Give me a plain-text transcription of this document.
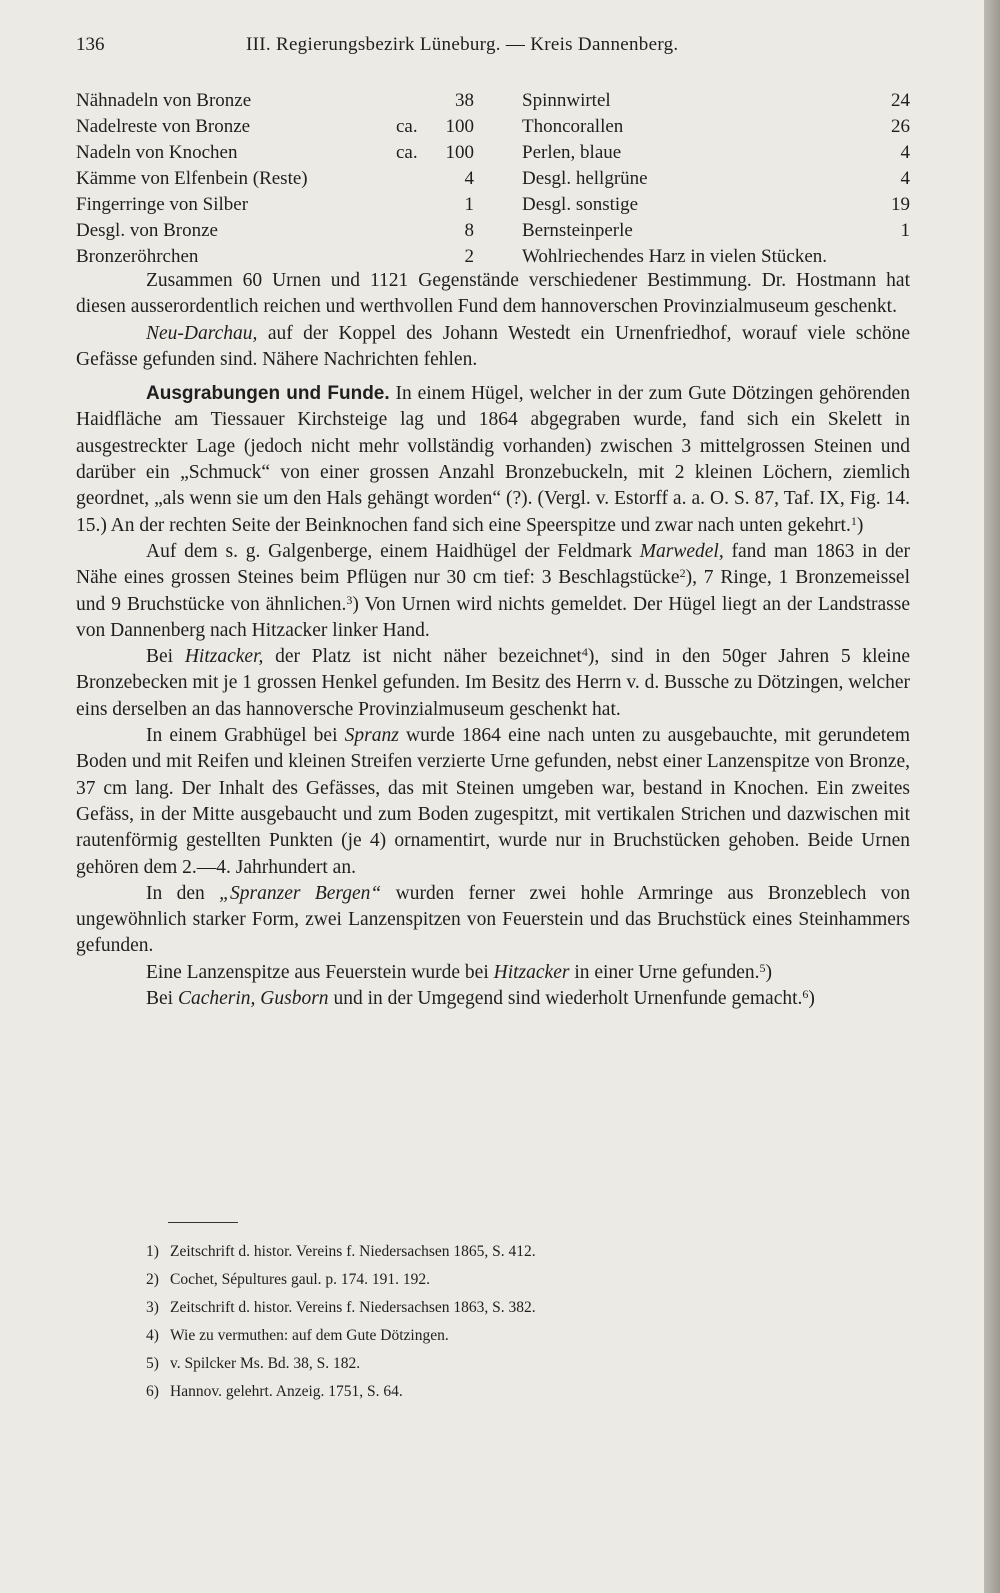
136	III. Regierungsbezirk Lüneburg. — Kreis Dannenberg.
Nähnadeln von Bronze	38
Nadelreste von Bronze	ca. 100
Nadeln von Knochen	ca. 100
Kämme von Elfenbein (Reste)	4
Fingerringe von Silber	1
Desgl. von Bronze	8
Bronzeröhrchen	2
Spinnwirtel	24
Thoncorallen	26
Perlen, blaue	4
Desgl. hellgrüne	4
Desgl. sonstige	19
Bernsteinperle	1
Wohlriechendes Harz in vielen Stücken.

Zusammen 60 Urnen und 1121 Gegenstände verschiedener Bestimmung. Dr. Hostmann hat diesen ausserordentlich reichen und werthvollen Fund dem hannoverschen Provinzialmuseum geschenkt.

Neu-Darchau, auf der Koppel des Johann Westedt ein Urnenfriedhof, worauf viele schöne Gefässe gefunden sind. Nähere Nachrichten fehlen.

Ausgrabungen und Funde. In einem Hügel, welcher in der zum Gute Dötzingen gehörenden Haidfläche am Tiessauer Kirchsteige lag und 1864 abgegraben wurde, fand sich ein Skelett in ausgestreckter Lage (jedoch nicht mehr vollständig vorhanden) zwischen 3 mittelgrossen Steinen und darüber ein „Schmuck“ von einer grossen Anzahl Bronzebuckeln, mit 2 kleinen Löchern, ziemlich geordnet, „als wenn sie um den Hals gehängt worden“ (?). (Vergl. v. Estorff a. a. O. S. 87, Taf. IX, Fig. 14. 15.) An der rechten Seite der Beinknochen fand sich eine Speerspitze und zwar nach unten gekehrt.$^1$)

Auf dem s. g. Galgenberge, einem Haidhügel der Feldmark Marwedel, fand man 1863 in der Nähe eines grossen Steines beim Pflügen nur 30 cm tief: 3 Beschlagstücke$^2$), 7 Ringe, 1 Bronzemeissel und 9 Bruchstücke von ähnlichen.$^3$) Von Urnen wird nichts gemeldet. Der Hügel liegt an der Landstrasse von Dannenberg nach Hitzacker linker Hand.

Bei Hitzacker, der Platz ist nicht näher bezeichnet$^4$), sind in den 50ger Jahren 5 kleine Bronzebecken mit je 1 grossen Henkel gefunden. Im Besitz des Herrn v. d. Bussche zu Dötzingen, welcher eins derselben an das hannoversche Provinzialmuseum geschenkt hat.

In einem Grabhügel bei Spranz wurde 1864 eine nach unten zu ausgebauchte, mit gerundetem Boden und mit Reifen und kleinen Streifen verzierte Urne gefunden, nebst einer Lanzenspitze von Bronze, 37 cm lang. Der Inhalt des Gefässes, das mit Steinen umgeben war, bestand in Knochen. Ein zweites Gefäss, in der Mitte ausgebaucht und zum Boden zugespitzt, mit vertikalen Strichen und dazwischen mit rautenförmig gestellten Punkten (je 4) ornamentirt, wurde nur in Bruchstücken gehoben. Beide Urnen gehören dem 2.—4. Jahrhundert an.

In den „Spranzer Bergen“ wurden ferner zwei hohle Armringe aus Bronzeblech von ungewöhnlich starker Form, zwei Lanzenspitzen von Feuerstein und das Bruchstück eines Steinhammers gefunden.

Eine Lanzenspitze aus Feuerstein wurde bei Hitzacker in einer Urne gefunden.$^5$)

Bei Cacherin, Gusborn und in der Umgegend sind wiederholt Urnenfunde gemacht.$^6$)

1) Zeitschrift d. histor. Vereins f. Niedersachsen 1865, S. 412.
2) Cochet, Sépultures gaul. p. 174. 191. 192.
3) Zeitschrift d. histor. Vereins f. Niedersachsen 1863, S. 382.
4) Wie zu vermuthen: auf dem Gute Dötzingen.
5) v. Spilcker Ms. Bd. 38, S. 182.
6) Hannov. gelehrt. Anzeig. 1751, S. 64.
